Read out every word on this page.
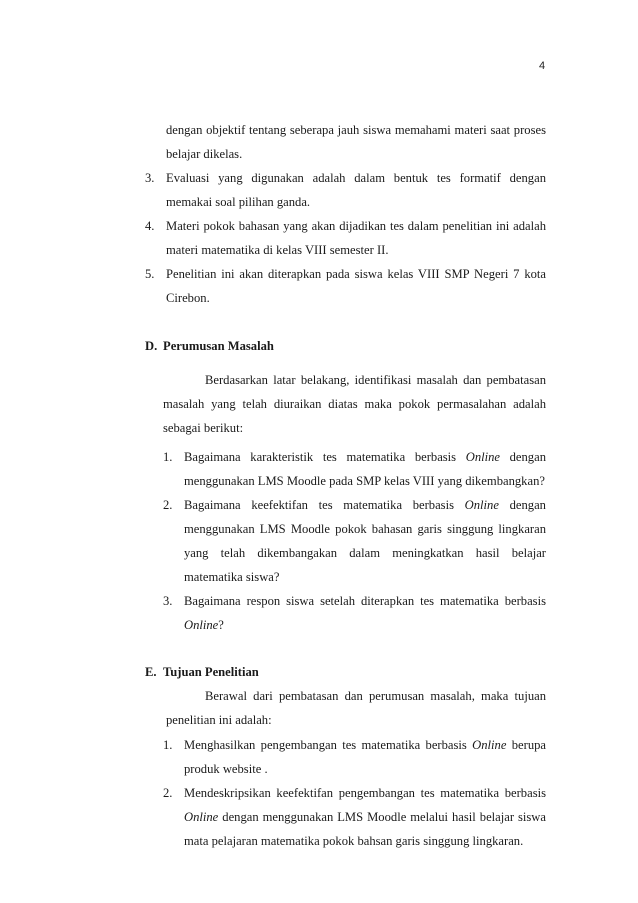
4
dengan objektif tentang seberapa jauh siswa memahami materi saat proses
belajar dikelas.
3. Evaluasi yang digunakan adalah dalam bentuk tes formatif dengan
memakai soal pilihan ganda.
4. Materi pokok bahasan yang akan dijadikan tes dalam penelitian ini adalah
materi matematika di kelas VIII semester II.
5. Penelitian ini akan diterapkan pada siswa kelas VIII SMP Negeri 7 kota
Cirebon.
D. Perumusan Masalah
Berdasarkan latar belakang, identifikasi masalah dan pembatasan
masalah yang telah diuraikan diatas maka pokok permasalahan adalah
sebagai berikut:
1. Bagaimana karakteristik tes matematika berbasis Online dengan
menggunakan LMS Moodle pada SMP kelas VIII yang dikembangkan?
2. Bagaimana keefektifan tes matematika berbasis Online dengan
menggunakan LMS Moodle pokok bahasan garis singgung lingkaran
yang telah dikembangakan dalam meningkatkan hasil belajar
matematika siswa?
3. Bagaimana respon siswa setelah diterapkan tes matematika berbasis
Online?
E. Tujuan Penelitian
Berawal dari pembatasan dan perumusan masalah, maka tujuan
penelitian ini adalah:
1. Menghasilkan pengembangan tes matematika berbasis Online berupa
produk website .
2. Mendeskripsikan keefektifan pengembangan tes matematika berbasis
Online dengan menggunakan LMS Moodle melalui hasil belajar siswa
mata pelajaran matematika pokok bahsan garis singgung lingkaran.
